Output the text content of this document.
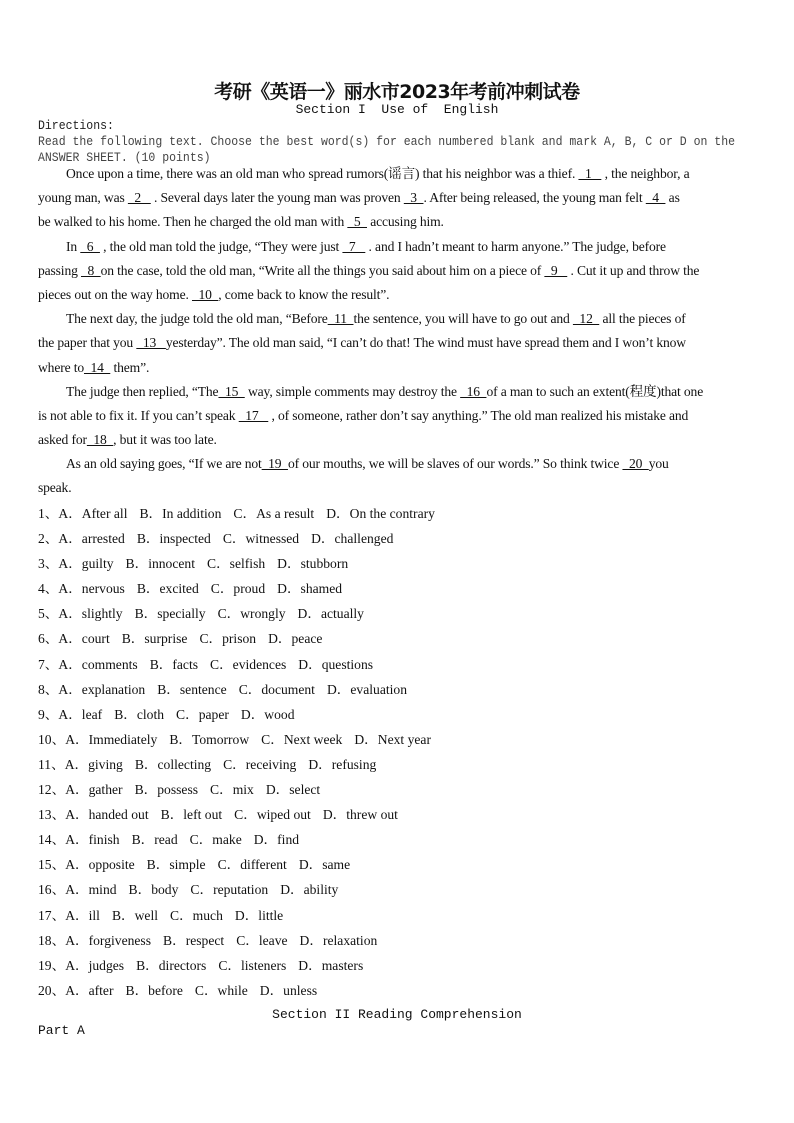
考研《英语一》丽水市2023年考前冲刺试卷
Section I  Use of  English
Directions:
Read the following text. Choose the best word(s) for each numbered blank and mark A, B, C or D on the
ANSWER SHEET. (10 points)
Once upon a time, there was an old man who spread rumors(谣言) that his neighbor was a thief.   1    , the neighbor, a
young man, was   2    . Several days later the young man was proven   3  . After being released, the young man felt   4   as
be walked to his home. Then he charged the old man with   5   accusing him.
In   6   , the old man told the judge, “They were just   7    . and I hadn’t meant to harm anyone.” The judge, before
passing   8  on the case, told the old man, “Write all the things you said about him on a piece of   9    . Cut it up and throw the
pieces out on the way home.   10  , come back to know the result”.
The next day, the judge told the old man, “Before  11  the sentence, you will have to go out and   12   all the pieces of
the paper that you   13   yesterday”. The old man said, “I can’t do that! The wind must have spread them and I won’t know
where to  14   them”.
The judge then replied, “The  15   way, simple comments may destroy the   16  of a man to such an extent(程度)that one
is not able to fix it. If you can’t speak   17    , of someone, rather don’t say anything.” The old man realized his mistake and
asked for  18  , but it was too late.
As an old saying goes, “If we are not  19  of our mouths, we will be slaves of our words.” So think twice   20  you
speak.
1、A．After all B．In addition C．As a result D．On the contrary
2、A．arrested B．inspected C．witnessed D．challenged
3、A．guilty B．innocent C．selfish D．stubborn
4、A．nervous B．excited C．proud D．shamed
5、A．slightly B．specially C．wrongly D．actually
6、A．court B．surprise C．prison D．peace
7、A．comments B．facts C．evidences D．questions
8、A．explanation B．sentence C．document D．evaluation
9、A．leaf B．cloth C．paper D．wood
10、A．Immediately B．Tomorrow C．Next week D．Next year
11、A．giving B．collecting C．receiving D．refusing
12、A．gather B．possess C．mix D．select
13、A．handed out B．left out C．wiped out D．threw out
14、A．finish B．read C．make D．find
15、A．opposite B．simple C．different D．same
16、A．mind B．body C．reputation D．ability
17、A．ill B．well C．much D．little
18、A．forgiveness B．respect C．leave D．relaxation
19、A．judges B．directors C．listeners D．masters
20、A．after B．before C．while D．unless
Section II Reading Comprehension
Part A
